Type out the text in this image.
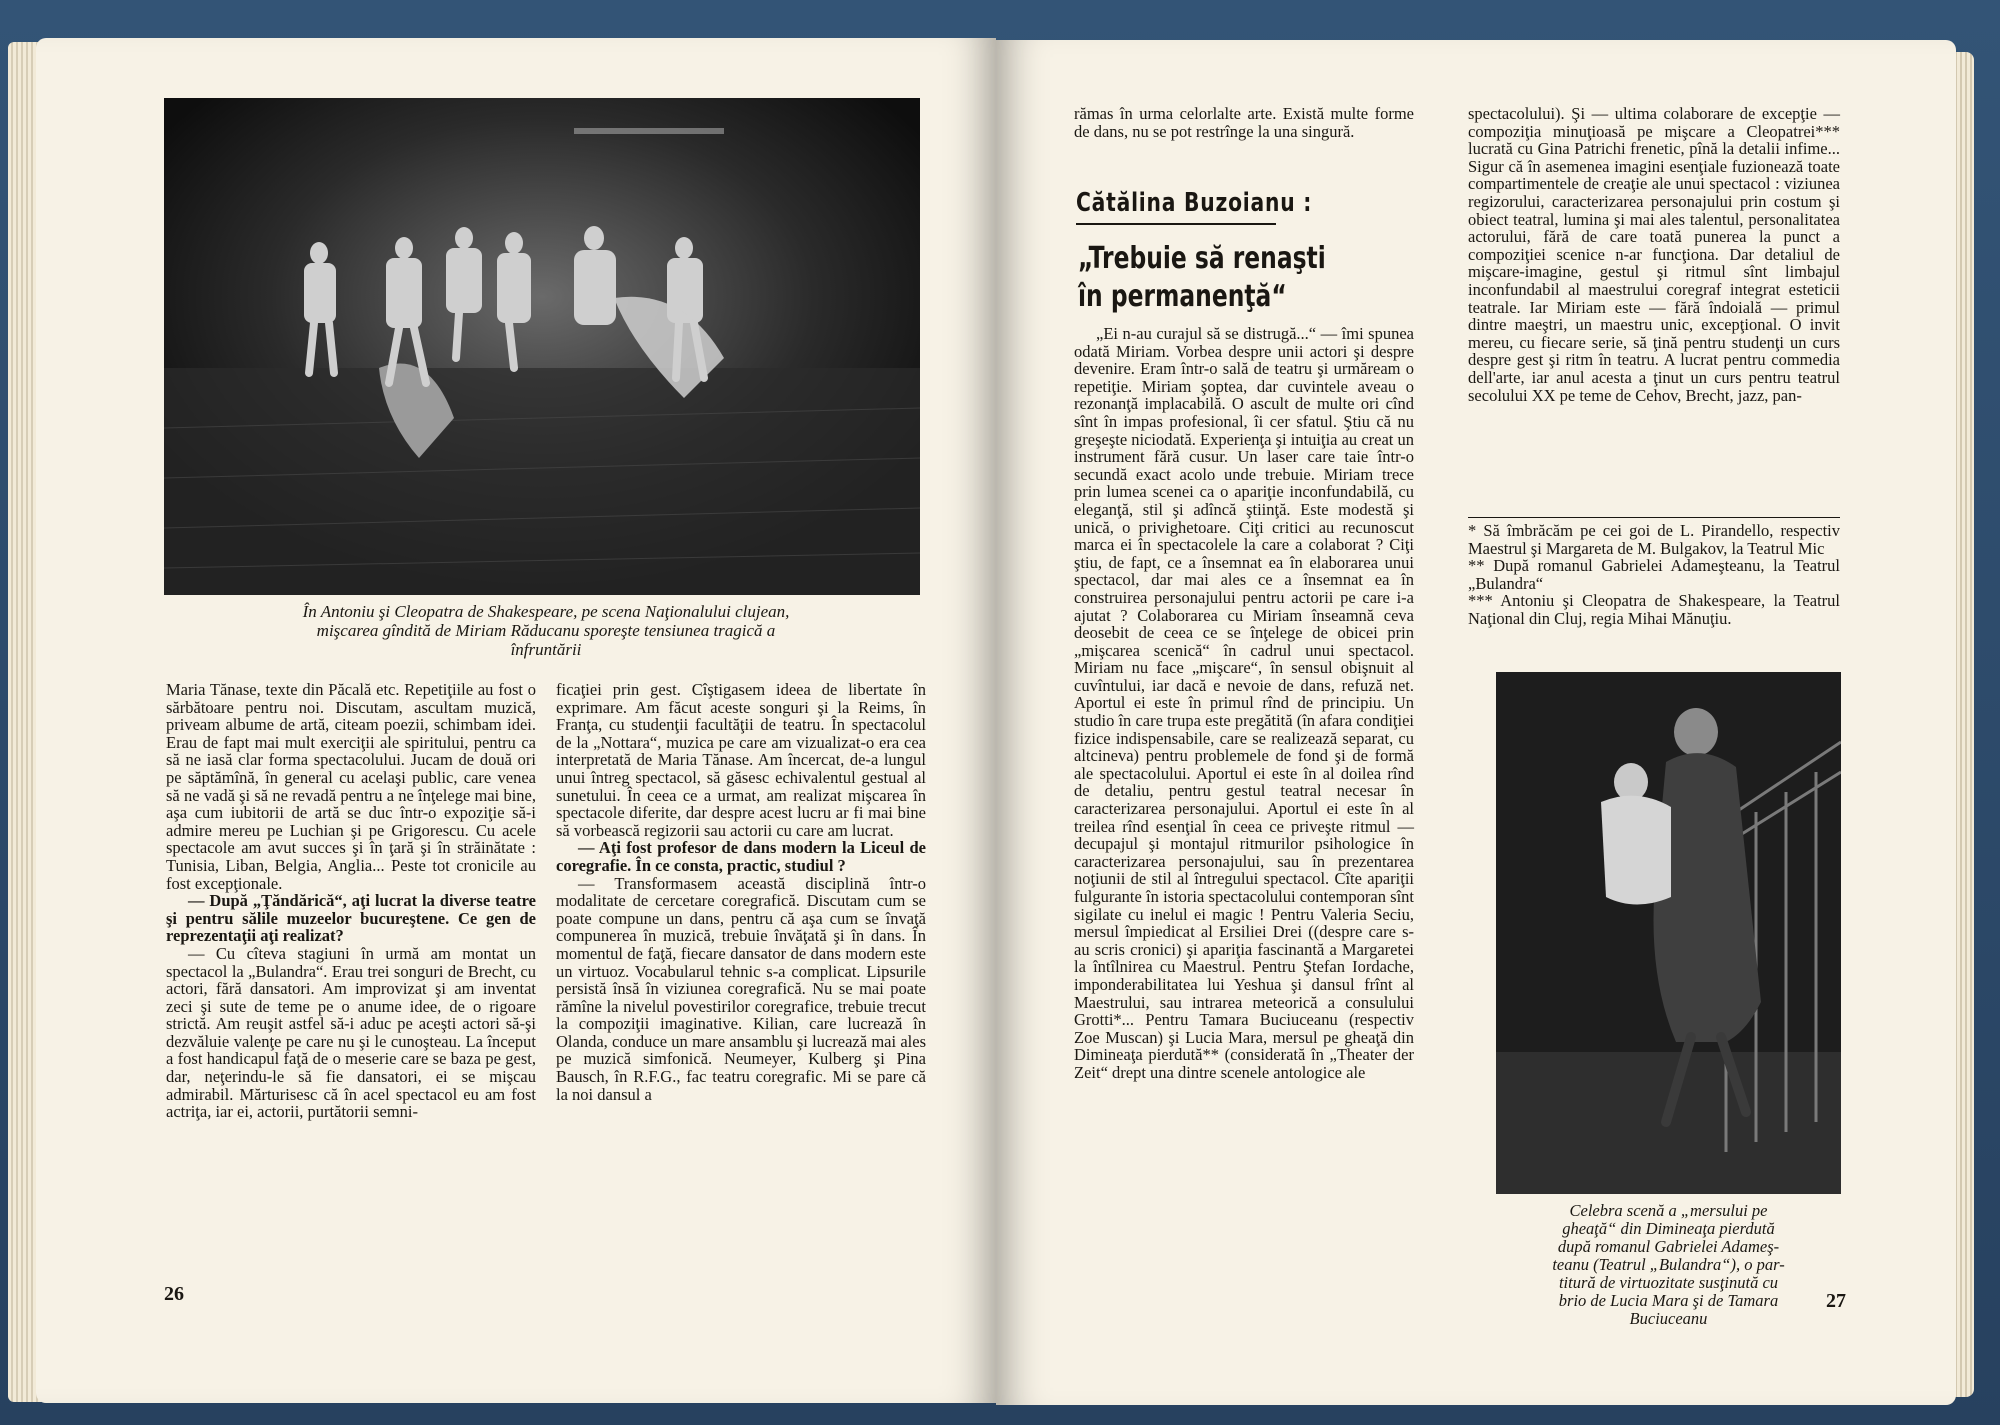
În Antoniu şi Cleopatra de Shakespeare, pe scena Naţionalului clujean,
mişcarea gîndită de Miriam Răducanu sporeşte tensiunea tragică a
înfruntării

Maria Tănase, texte din Păcală etc. Repetiţiile au fost o sărbătoare pentru noi. Discutam, ascultam muzică, priveam albume de artă, citeam poezii, schimbam idei. Erau de fapt mai mult exerciţii ale spiritului, pentru ca să ne iasă clar forma spectacolului. Jucam de două ori pe săptămînă, în general cu acelaşi public, care venea să ne vadă şi să ne revadă pentru a ne înţelege mai bine, aşa cum iubitorii de artă se duc într-o expoziţie să-i admire mereu pe Luchian şi pe Grigorescu. Cu acele spectacole am avut succes şi în ţară şi în străinătate : Tunisia, Liban, Belgia, Anglia... Peste tot cronicile au fost excepţionale.

— După „Ţăndărică“, aţi lucrat la diverse teatre şi pentru sălile muzeelor bucureştene. Ce gen de reprezentaţii aţi realizat?

— Cu cîteva stagiuni în urmă am montat un spectacol la „Bulandra“. Erau trei songuri de Brecht, cu actori, fără dansatori. Am improvizat şi am inventat zeci şi sute de teme pe o anume idee, de o rigoare strictă. Am reuşit astfel să-i aduc pe aceşti actori să-şi dezvăluie valenţe pe care nu şi le cunoşteau. La început a fost handicapul faţă de o meserie care se baza pe gest, dar, neţerindu-le să fie dansatori, ei se mişcau admirabil. Mărturisesc că în acel spectacol eu am fost actriţa, iar ei, actorii, purtătorii semni-

ficaţiei prin gest. Cîştigasem ideea de libertate în exprimare. Am făcut aceste songuri şi la Reims, în Franţa, cu studenţii facultăţii de teatru. În spectacolul de la „Nottara“, muzica pe care am vizualizat-o era cea interpretată de Maria Tănase. Am încercat, de-a lungul unui întreg spectacol, să găsesc echivalentul gestual al sunetului. În ceea ce a urmat, am realizat mişcarea în spectacole diferite, dar despre acest lucru ar fi mai bine să vorbească regizorii sau actorii cu care am lucrat.

— Aţi fost profesor de dans modern la Liceul de coregrafie. În ce consta, practic, studiul ?

— Transformasem această disciplină într-o modalitate de cercetare coregrafică. Discutam cum se poate compune un dans, pentru că aşa cum se învaţă compunerea în muzică, trebuie învăţată şi în dans. În momentul de faţă, fiecare dansator de dans modern este un virtuoz. Vocabularul tehnic s-a complicat. Lipsurile persistă însă în viziunea coregrafică. Nu se mai poate rămîne la nivelul povestirilor coregrafice, trebuie trecut la compoziţii imaginative. Kilian, care lucrează în Olanda, conduce un mare ansamblu şi lucrează mai ales pe muzică simfonică. Neumeyer, Kulberg şi Pina Bausch, în R.F.G., fac teatru coregrafic. Mi se pare că la noi dansul a

26

rămas în urma celorlalte arte. Există multe forme de dans, nu se pot restrînge la una singură.

Cătălina Buzoianu :
„Trebuie să renaşti
în permanenţă“

„Ei n-au curajul să se distrugă...“ — îmi spunea odată Miriam. Vorbea despre unii actori şi despre devenire. Eram într-o sală de teatru şi urmăream o repetiţie. Miriam şoptea, dar cuvintele aveau o rezonanţă implacabilă. O ascult de multe ori cînd sînt în impas profesional, îi cer sfatul. Ştiu că nu greşeşte niciodată. Experienţa şi intuiţia au creat un instrument fără cusur. Un laser care taie într-o secundă exact acolo unde trebuie. Miriam trece prin lumea scenei ca o apariţie inconfundabilă, cu eleganţă, stil şi adîncă ştiinţă. Este modestă şi unică, o privighetoare. Ciţi critici au recunoscut marca ei în spectacolele la care a colaborat ? Ciţi ştiu, de fapt, ce a însemnat ea în elaborarea unui spectacol, dar mai ales ce a însemnat ea în construirea personajului pentru actorii pe care i-a ajutat ? Colaborarea cu Miriam înseamnă ceva deosebit de ceea ce se înţelege de obicei prin „mişcarea scenică“ în cadrul unui spectacol. Miriam nu face „mişcare“, în sensul obişnuit al cuvîntului, iar dacă e nevoie de dans, refuză net. Aportul ei este în primul rînd de principiu. Un studio în care trupa este pregătită (în afara condiţiei fizice indispensabile, care se realizează separat, cu altcineva) pentru problemele de fond şi de formă ale spectacolului. Aportul ei este în al doilea rînd de detaliu, pentru gestul teatral necesar în caracterizarea personajului. Aportul ei este în al treilea rînd esenţial în ceea ce priveşte ritmul — decupajul şi montajul ritmurilor psihologice în caracterizarea personajului, sau în prezentarea noţiunii de stil al întregului spectacol. Cîte apariţii fulgurante în istoria spectacolului contemporan sînt sigilate cu inelul ei magic ! Pentru Valeria Seciu, mersul împiedicat al Ersiliei Drei ((despre care s-au scris cronici) şi apariţia fascinantă a Margaretei la întîlnirea cu Maestrul. Pentru Ştefan Iordache, imponderabilitatea lui Yeshua şi dansul frînt al Maestrului, sau intrarea meteorică a consulului Grotti*... Pentru Tamara Buciuceanu (respectiv Zoe Muscan) şi Lucia Mara, mersul pe gheaţă din Dimineaţa pierdută** (considerată în „Theater der Zeit“ drept una dintre scenele antologice ale

spectacolului). Şi — ultima colaborare de excepţie — compoziţia minuţioasă pe mişcare a Cleopatrei*** lucrată cu Gina Patrichi frenetic, pînă la detalii infime... Sigur că în asemenea imagini esenţiale fuzionează toate compartimentele de creaţie ale unui spectacol : viziunea regizorului, caracterizarea personajului prin costum şi obiect teatral, lumina şi mai ales talentul, personalitatea actorului, fără de care toată punerea la punct a compoziţiei scenice n-ar funcţiona. Dar detaliul de mişcare-imagine, gestul şi ritmul sînt limbajul inconfundabil al maestrului coregraf integrat esteticii teatrale. Iar Miriam este — fără îndoială — primul dintre maeştri, un maestru unic, excepţional. O invit mereu, cu fiecare serie, să ţină pentru studenţi un curs despre gest şi ritm în teatru. A lucrat pentru commedia dell'arte, iar anul acesta a ţinut un curs pentru teatrul secolului XX pe teme de Cehov, Brecht, jazz, pan-

* Să îmbrăcăm pe cei goi de L. Pirandello, respectiv Maestrul şi Margareta de M. Bulgakov, la Teatrul Mic

** După romanul Gabrielei Adameşteanu, la Teatrul „Bulandra“

*** Antoniu şi Cleopatra de Shakespeare, la Teatrul Naţional din Cluj, regia Mihai Mănuţiu.

Celebra scenă a „mersului pe
gheaţă“ din Dimineaţa pierdută
după romanul Gabrielei Adameş-
teanu (Teatrul „Bulandra“), o par-
titură de virtuozitate susţinută cu
brio de Lucia Mara şi de Tamara
Buciuceanu
27
